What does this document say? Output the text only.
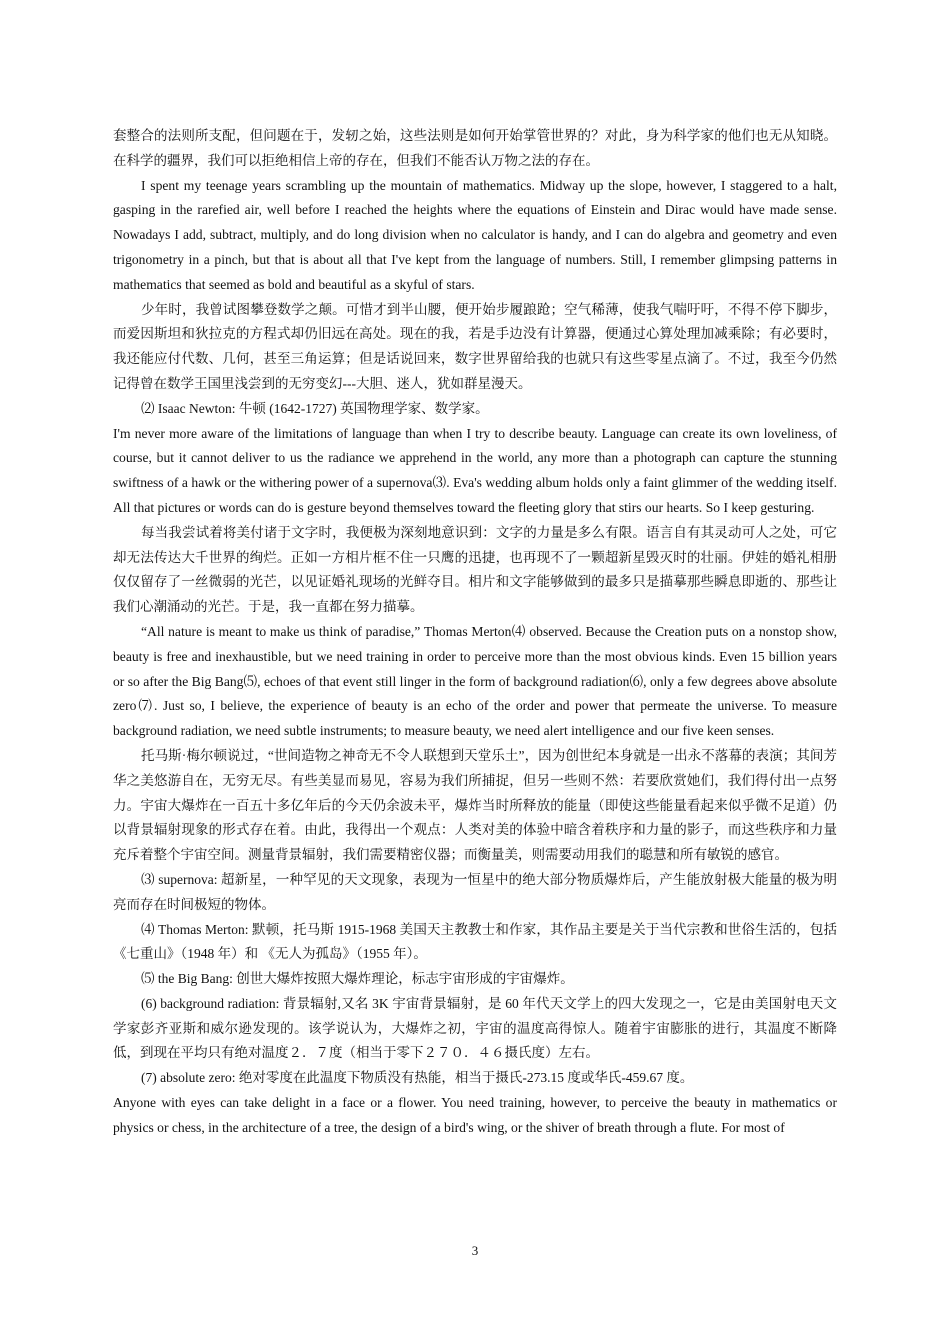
套整合的法则所支配，但问题在于，发轫之始，这些法则是如何开始掌管世界的？对此，身为科学家的他们也无从知晓。在科学的疆界，我们可以拒绝相信上帝的存在，但我们不能否认万物之法的存在。

I spent my teenage years scrambling up the mountain of mathematics. Midway up the slope, however, I staggered to a halt, gasping in the rarefied air, well before I reached the heights where the equations of Einstein and Dirac would have made sense. Nowadays I add, subtract, multiply, and do long division when no calculator is handy, and I can do algebra and geometry and even trigonometry in a pinch, but that is about all that I've kept from the language of numbers. Still, I remember glimpsing patterns in mathematics that seemed as bold and beautiful as a skyful of stars.

少年时，我曾试图攀登数学之颠。可惜才到半山腰，便开始步履踉跄；空气稀薄，使我气喘吁吁，不得不停下脚步，而爱因斯坦和狄拉克的方程式却仍旧远在高处。现在的我，若是手边没有计算器，便通过心算处理加减乘除；有必要时，我还能应付代数、几何，甚至三角运算；但是话说回来，数字世界留给我的也就只有这些零星点滴了。不过，我至今仍然记得曾在数学王国里浅尝到的无穷变幻---大胆、迷人，犹如群星漫天。

⑵ Isaac Newton: 牛顿 (1642-1727) 英国物理学家、数学家。

I'm never more aware of the limitations of language than when I try to describe beauty. Language can create its own loveliness, of course, but it cannot deliver to us the radiance we apprehend in the world, any more than a photograph can capture the stunning swiftness of a hawk or the withering power of a supernova⑶. Eva's wedding album holds only a faint glimmer of the wedding itself. All that pictures or words can do is gesture beyond themselves toward the fleeting glory that stirs our hearts. So I keep gesturing.

每当我尝试着将美付诸于文字时，我便极为深刻地意识到：文字的力量是多么有限。语言自有其灵动可人之处，可它却无法传达大千世界的绚烂。正如一方相片框不住一只鹰的迅捷，也再现不了一颗超新星毁灭时的壮丽。伊娃的婚礼相册仅仅留存了一丝微弱的光芒，以见证婚礼现场的光鲜夺目。相片和文字能够做到的最多只是描摹那些瞬息即逝的、那些让我们心潮涌动的光芒。于是，我一直都在努力描摹。

“All nature is meant to make us think of paradise,” Thomas Merton⑷ observed. Because the Creation puts on a nonstop show, beauty is free and inexhaustible, but we need training in order to perceive more than the most obvious kinds. Even 15 billion years or so after the Big Bang⑸, echoes of that event still linger in the form of background radiation⑹, only a few degrees above absolute zero⑺. Just so, I believe, the experience of beauty is an echo of the order and power that permeate the universe. To measure background radiation, we need subtle instruments; to measure beauty, we need alert intelligence and our five keen senses.

托马斯·梅尔顿说过，“世间造物之神奇无不令人联想到天堂乐土”，因为创世纪本身就是一出永不落幕的表演；其间芳华之美悠游自在，无穷无尽。有些美显而易见，容易为我们所捕捉，但另一些则不然：若要欣赏她们，我们得付出一点努力。宇宙大爆炸在一百五十多亿年后的今天仍余波未平，爆炸当时所释放的能量（即使这些能量看起来似乎微不足道）仍以背景辐射现象的形式存在着。由此，我得出一个观点：人类对美的体验中暗含着秩序和力量的影子，而这些秩序和力量充斥着整个宇宙空间。测量背景辐射，我们需要精密仪器；而衡量美，则需要动用我们的聪慧和所有敏锐的感官。

⑶ supernova: 超新星，一种罕见的天文现象，表现为一恒星中的绝大部分物质爆炸后，产生能放射极大能量的极为明亮而存在时间极短的物体。

⑷ Thomas Merton: 默顿，托马斯 1915-1968 美国天主教教士和作家，其作品主要是关于当代宗教和世俗生活的，包括 《七重山》（1948 年）和 《无人为孤岛》（1955 年）。

⑸ the Big Bang: 创世大爆炸按照大爆炸理论，标志宇宙形成的宇宙爆炸。

(6) background radiation: 背景辐射,又名 3K 宇宙背景辐射，是 60 年代天文学上的四大发现之一，它是由美国射电天文学家彭齐亚斯和威尔逊发现的。该学说认为，大爆炸之初，宇宙的温度高得惊人。随着宇宙膨胀的进行，其温度不断降低，到现在平均只有绝对温度２．７度（相当于零下２７０．４６摄氏度）左右。

(7) absolute zero: 绝对零度在此温度下物质没有热能，相当于摄氏-273.15 度或华氏-459.67 度。

Anyone with eyes can take delight in a face or a flower. You need training, however, to perceive the beauty in mathematics or physics or chess, in the architecture of a tree, the design of a bird's wing, or the shiver of breath through a flute. For most of

3
